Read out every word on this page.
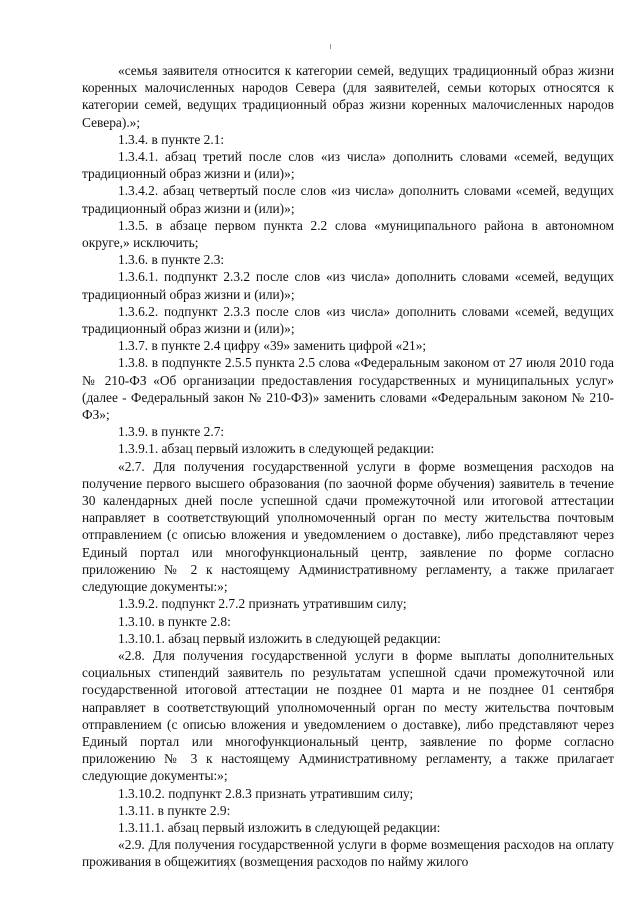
«семья заявителя относится к категории семей, ведущих традиционный образ жизни коренных малочисленных народов Севера (для заявителей, семьи которых относятся к категории семей, ведущих традиционный образ жизни коренных малочисленных народов Севера).»;

1.3.4. в пункте 2.1:

1.3.4.1. абзац третий после слов «из числа» дополнить словами «семей, ведущих традиционный образ жизни и (или)»;

1.3.4.2. абзац четвертый после слов «из числа» дополнить словами «семей, ведущих традиционный образ жизни и (или)»;

1.3.5. в абзаце первом пункта 2.2 слова «муниципального района в автономном округе,» исключить;

1.3.6. в пункте 2.3:

1.3.6.1. подпункт 2.3.2 после слов «из числа» дополнить словами «семей, ведущих традиционный образ жизни и (или)»;

1.3.6.2. подпункт 2.3.3 после слов «из числа» дополнить словами «семей, ведущих традиционный образ жизни и (или)»;

1.3.7. в пункте 2.4 цифру «39» заменить цифрой «21»;

1.3.8. в подпункте 2.5.5 пункта 2.5 слова «Федеральным законом от 27 июля 2010 года № 210-ФЗ «Об организации предоставления государственных и муниципальных услуг» (далее - Федеральный закон № 210-ФЗ)» заменить словами «Федеральным законом № 210-ФЗ»;

1.3.9. в пункте 2.7:

1.3.9.1. абзац первый изложить в следующей редакции:

«2.7. Для получения государственной услуги в форме возмещения расходов на получение первого высшего образования (по заочной форме обучения) заявитель в течение 30 календарных дней после успешной сдачи промежуточной или итоговой аттестации направляет в соответствующий уполномоченный орган по месту жительства почтовым отправлением (с описью вложения и уведомлением о доставке), либо представляют через Единый портал или многофункциональный центр, заявление по форме согласно приложению № 2 к настоящему Административному регламенту, а также прилагает следующие документы:»;

1.3.9.2. подпункт 2.7.2 признать утратившим силу;

1.3.10. в пункте 2.8:

1.3.10.1. абзац первый изложить в следующей редакции:

«2.8. Для получения государственной услуги в форме выплаты дополнительных социальных стипендий заявитель по результатам успешной сдачи промежуточной или государственной итоговой аттестации не позднее 01 марта и не позднее 01 сентября направляет в соответствующий уполномоченный орган по месту жительства почтовым отправлением (с описью вложения и уведомлением о доставке), либо представляют через Единый портал или многофункциональный центр, заявление по форме согласно приложению № 3 к настоящему Административному регламенту, а также прилагает следующие документы:»;

1.3.10.2. подпункт 2.8.3 признать утратившим силу;

1.3.11. в пункте 2.9:

1.3.11.1. абзац первый изложить в следующей редакции:

«2.9. Для получения государственной услуги в форме возмещения расходов на оплату проживания в общежитиях (возмещения расходов по найму жилого
